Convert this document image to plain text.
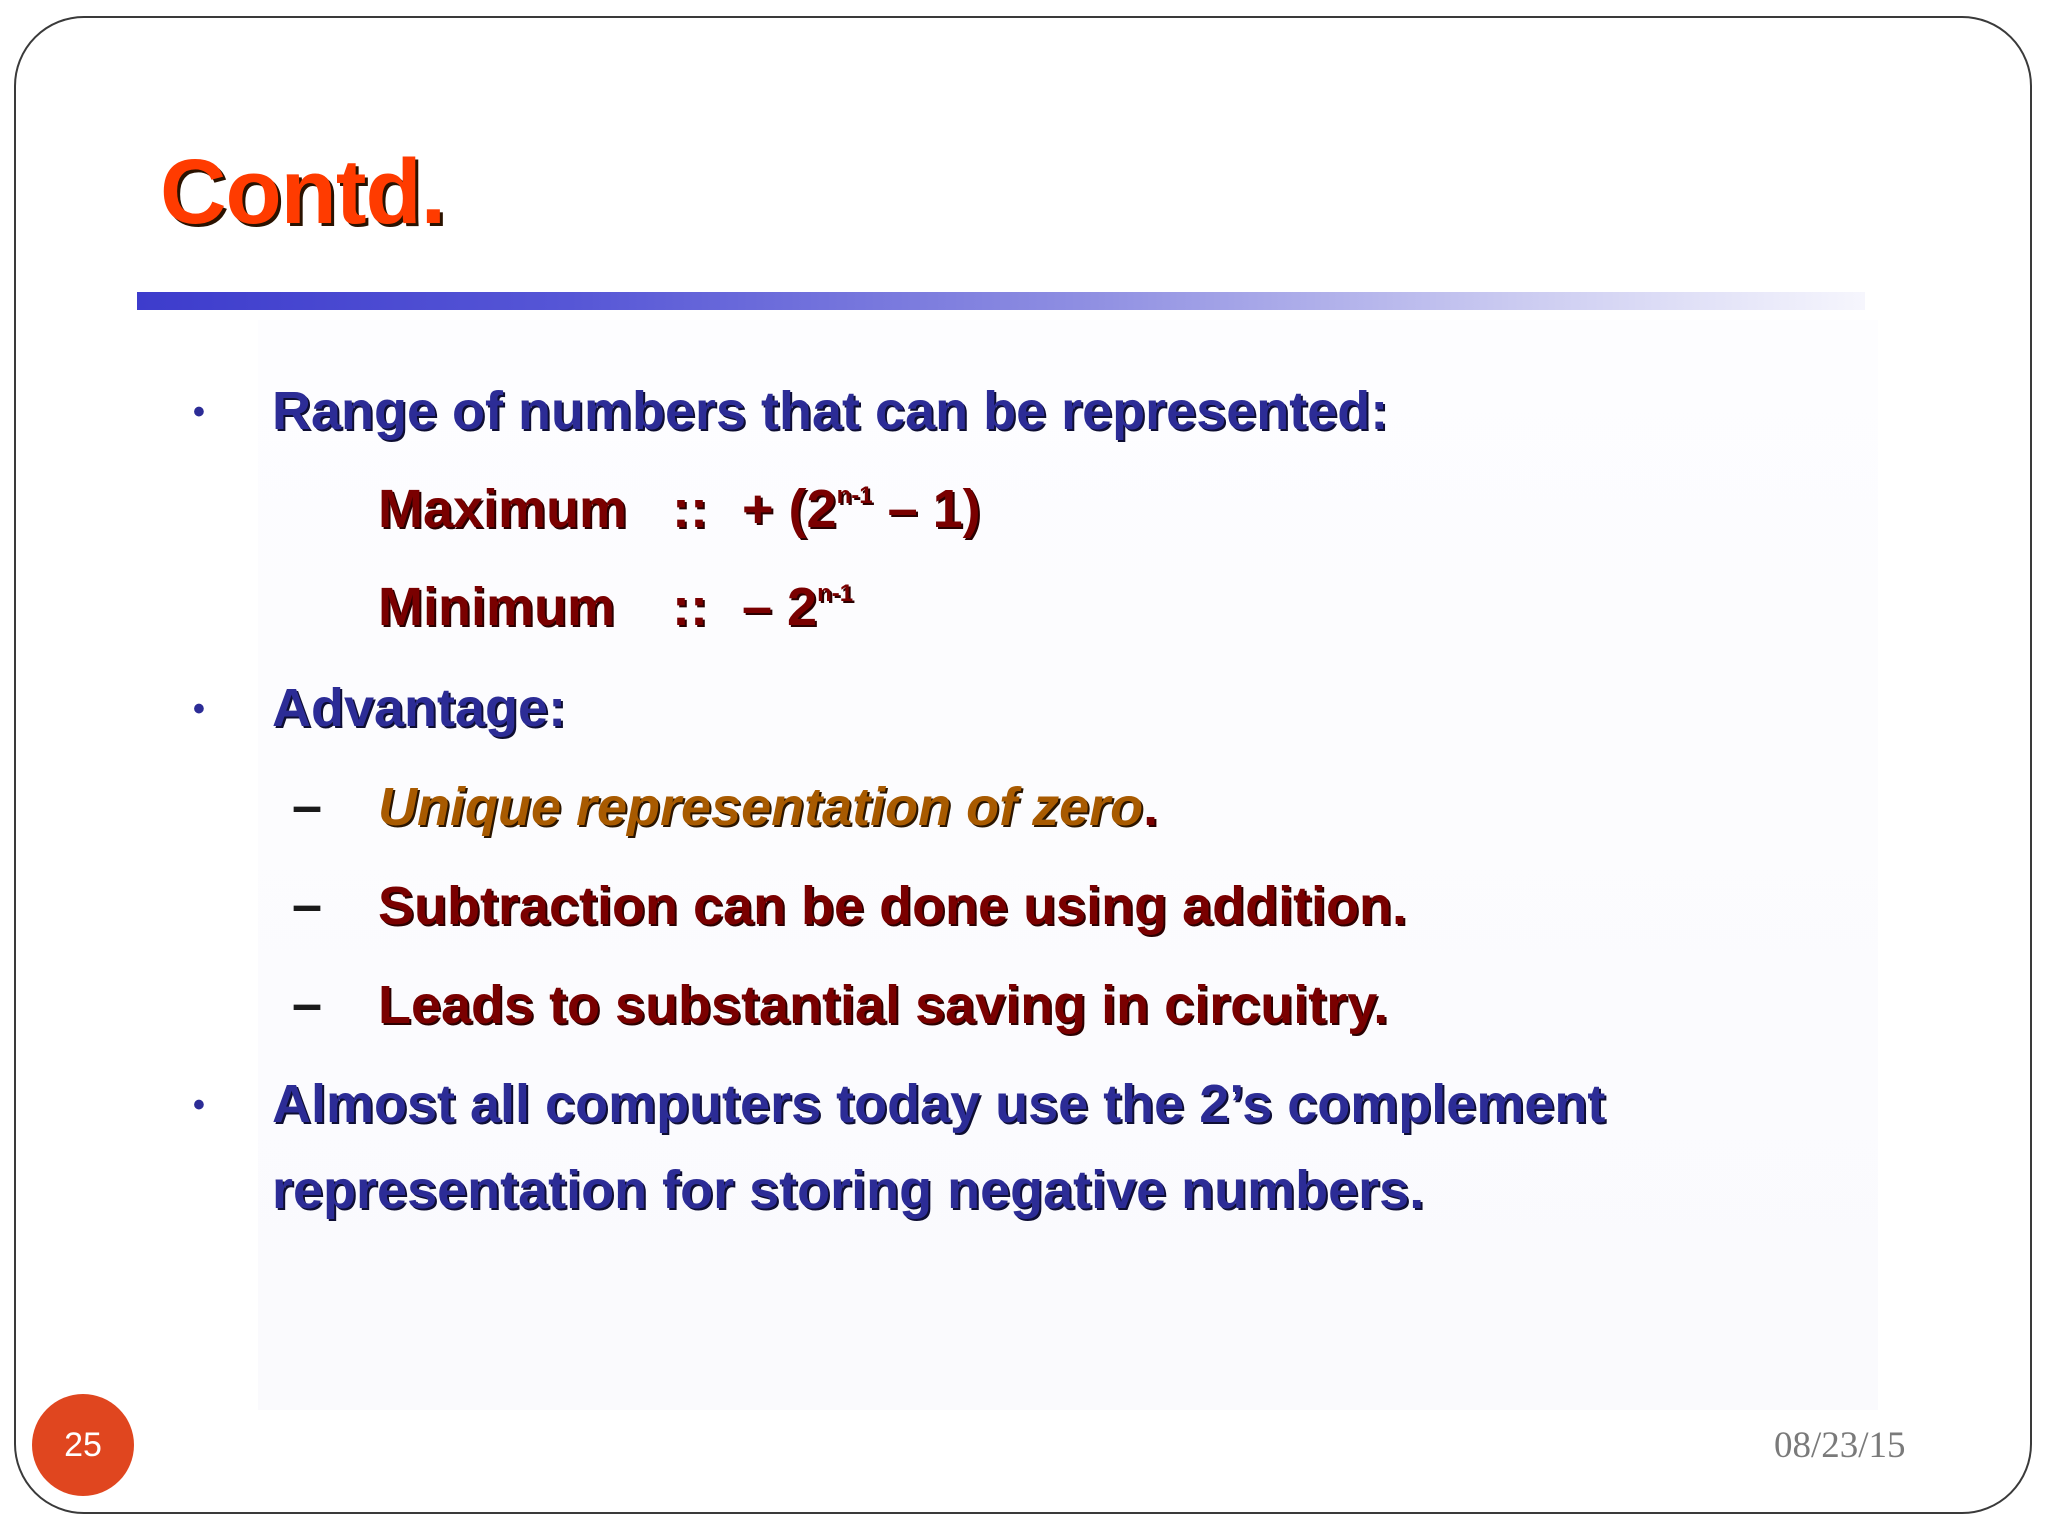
Contd.
• Range of numbers that can be represented:
Maximum :: + $(2^{n-1} - 1)$
Minimum :: – 2$^{n-1}$
• Advantage:
– Unique representation of zero.
– Subtraction can be done using addition.
– Leads to substantial saving in circuitry.
• Almost all computers today use the 2’s complement
representation for storing negative numbers.
25	08/23/15
